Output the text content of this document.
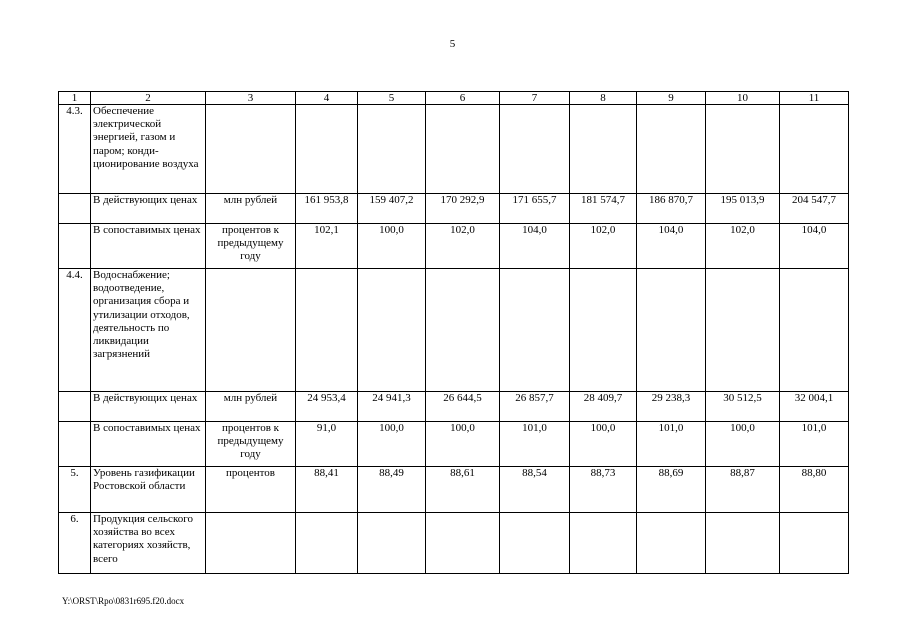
5
1	2	3	4	5	6	7	8	9	10	11
4.3.	Обеспечение электрической энергией, газом и паром; конди-ционирование воздуха									
	В действующих ценах	млн рублей	161 953,8	159 407,2	170 292,9	171 655,7	181 574,7	186 870,7	195 013,9	204 547,7
	В сопоставимых ценах	процентов к предыдущему году	102,1	100,0	102,0	104,0	102,0	104,0	102,0	104,0
4.4.	Водоснабжение; водоотведение, организация сбора и утилизации отходов, деятельность по ликвидации загрязнений									
	В действующих ценах	млн рублей	24 953,4	24 941,3	26 644,5	26 857,7	28 409,7	29 238,3	30 512,5	32 004,1
	В сопоставимых ценах	процентов к предыдущему году	91,0	100,0	100,0	101,0	100,0	101,0	100,0	101,0
5.	Уровень газификации Ростовской области	процентов	88,41	88,49	88,61	88,54	88,73	88,69	88,87	88,80
6.	Продукция сельского хозяйства во всех категориях хозяйств, всего									
Y:\ORST\Rpo\0831r695.f20.docx
